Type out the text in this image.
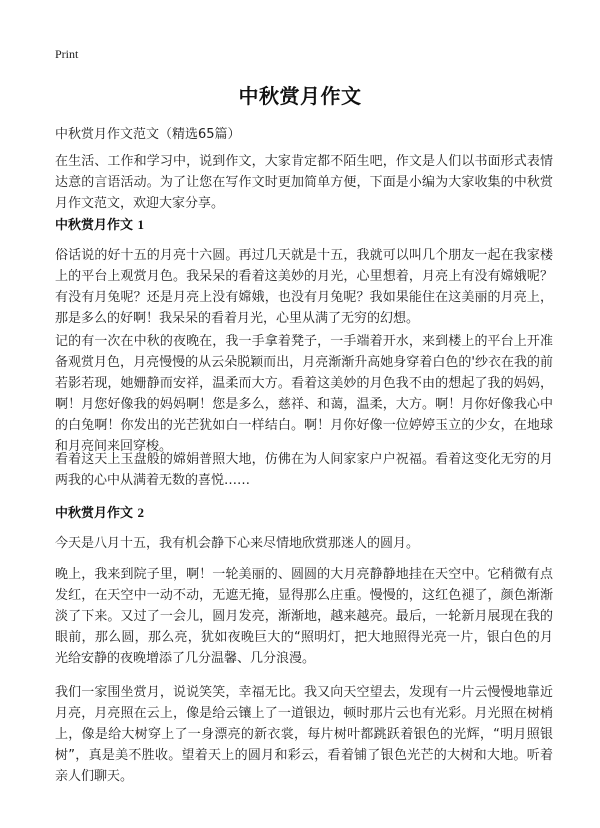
Print
中秋赏月作文
中秋赏月作文范文（精选65篇）
在生活、工作和学习中，说到作文，大家肯定都不陌生吧，作文是人们以书面形式表情达意的言语活动。为了让您在写作文时更加简单方便，下面是小编为大家收集的中秋赏月作文范文，欢迎大家分享。
中秋赏月作文 1
俗话说的好十五的月亮十六圆。再过几天就是十五，我就可以叫几个朋友一起在我家楼上的平台上观赏月色。我呆呆的看着这美妙的月光，心里想着，月亮上有没有嫦娥呢？有没有月兔呢？还是月亮上没有嫦娥，也没有月兔呢？我如果能住在这美丽的月亮上，那是多么的好啊！我呆呆的看着月光，心里从满了无穷的幻想。
记的有一次在中秋的夜晚在，我一手拿着凳子，一手端着开水，来到楼上的平台上开准备观赏月色，月亮慢慢的从云朵脱颖而出，月亮渐渐升高她身穿着白色的'纱衣在我的前若影若现，她姗静而安祥，温柔而大方。看着这美妙的月色我不由的想起了我的妈妈，啊！月您好像我的妈妈啊！您是多么，慈祥、和蔼，温柔，大方。啊！月你好像我心中的白兔啊！你发出的光芒犹如白一样结白。啊！月你好像一位婷婷玉立的少女，在地球和月亮间来回穿梭。
看着这天上玉盘般的嫦娟普照大地，仿佛在为人间家家户户祝福。看着这变化无穷的月两我的心中从满着无数的喜悦……
中秋赏月作文 2
今天是八月十五，我有机会静下心来尽情地欣赏那迷人的圆月。
晚上，我来到院子里，啊！一轮美丽的、圆圆的大月亮静静地挂在天空中。它稍微有点发红，在天空中一动不动，无遮无掩，显得那么庄重。慢慢的，这红色褪了，颜色渐渐淡了下来。又过了一会儿，圆月发亮，渐渐地，越来越亮。最后，一轮新月展现在我的眼前，那么圆，那么亮，犹如夜晚巨大的“照明灯，把大地照得光亮一片，银白色的月光给安静的夜晚增添了几分温馨、几分浪漫。
我们一家围坐赏月，说说笑笑，幸福无比。我又向天空望去，发现有一片云慢慢地靠近月亮，月亮照在云上，像是给云镶上了一道银边，顿时那片云也有光彩。月光照在树梢上，像是给大树穿上了一身漂亮的新衣裳，每片树叶都跳跃着银色的光辉，“明月照银树”，真是美不胜收。望着天上的圆月和彩云，看着铺了银色光芒的大树和大地。听着亲人们聊天。
